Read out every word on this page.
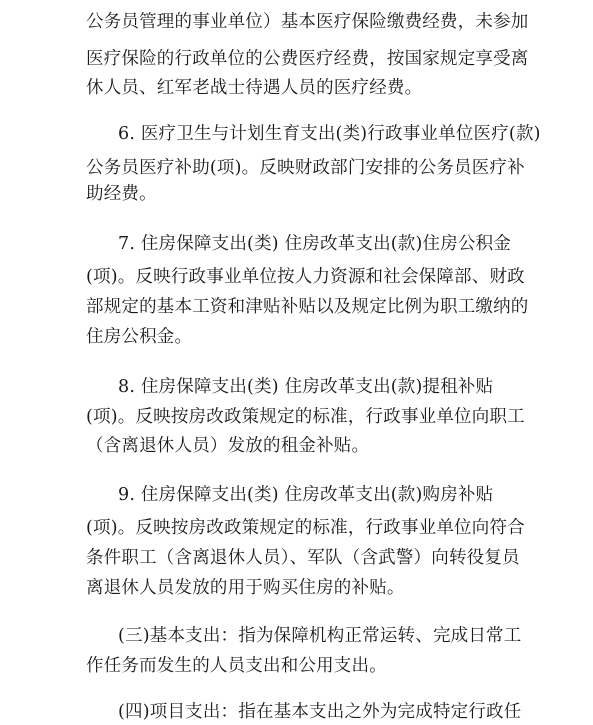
公务员管理的事业单位）基本医疗保险缴费经费，未参加
医疗保险的行政单位的公费医疗经费，按国家规定享受离
休人员、红军老战士待遇人员的医疗经费。
6. 医疗卫生与计划生育支出(类)行政事业单位医疗(款)
公务员医疗补助(项)。反映财政部门安排的公务员医疗补
助经费。
7. 住房保障支出(类) 住房改革支出(款)住房公积金
(项)。反映行政事业单位按人力资源和社会保障部、财政
部规定的基本工资和津贴补贴以及规定比例为职工缴纳的
住房公积金。
8. 住房保障支出(类) 住房改革支出(款)提租补贴
(项)。反映按房改政策规定的标准，行政事业单位向职工
（含离退休人员）发放的租金补贴。
9. 住房保障支出(类) 住房改革支出(款)购房补贴
(项)。反映按房改政策规定的标准，行政事业单位向符合
条件职工（含离退休人员）、军队（含武警）向转役复员
离退休人员发放的用于购买住房的补贴。
(三)基本支出：指为保障机构正常运转、完成日常工
作任务而发生的人员支出和公用支出。
(四)项目支出：指在基本支出之外为完成特定行政任
